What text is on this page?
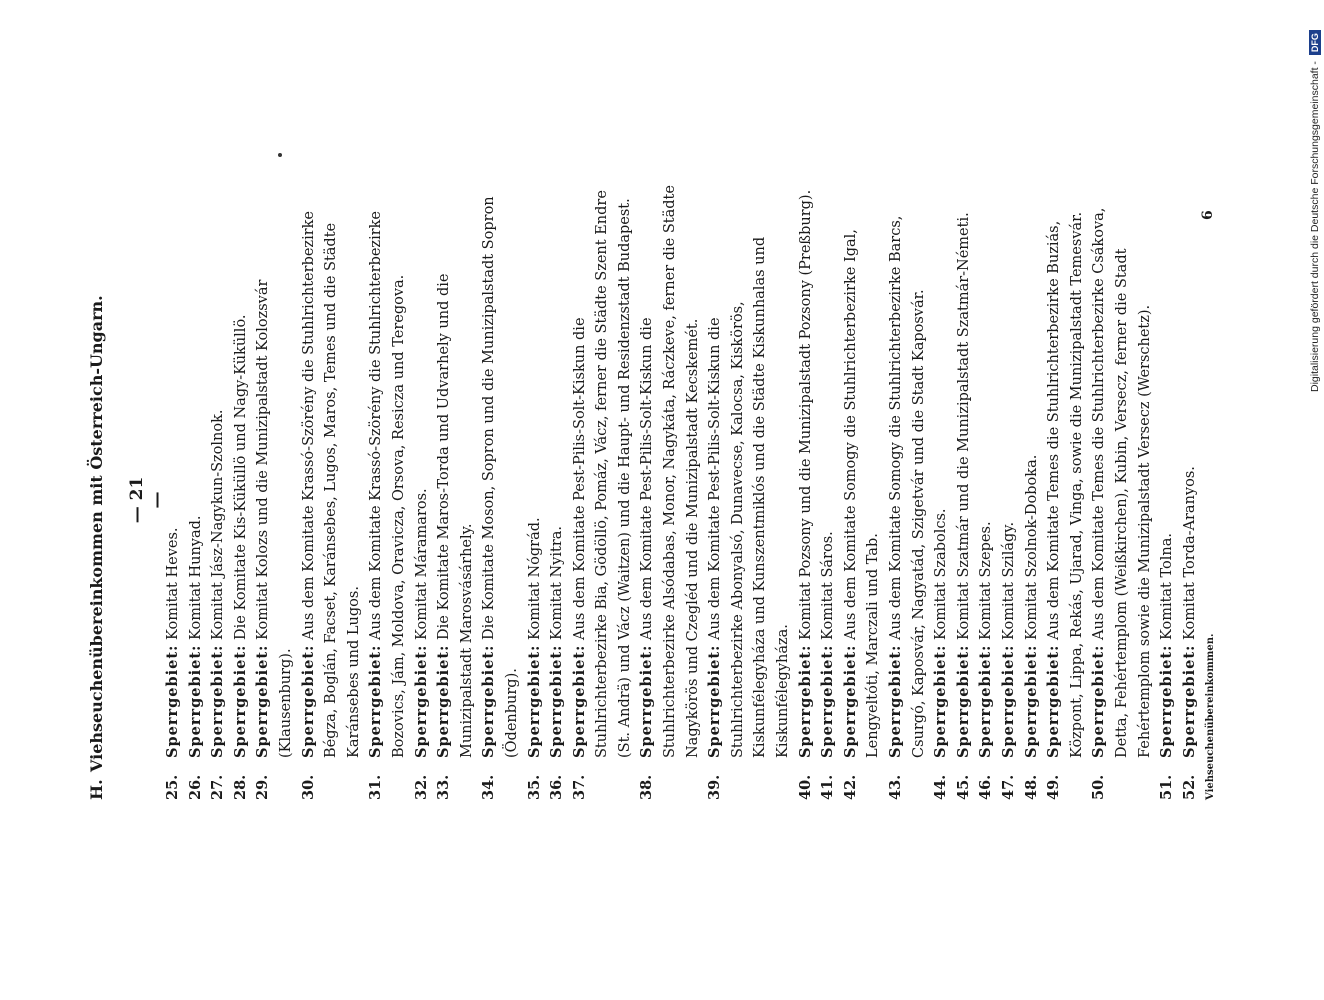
H.
Viehseuchenübereinkommen mit Österreich-Ungarn. — 21 —
25.
Sperrgebiet: Komitat Heves.
26.
Sperrgebiet: Komitat Hunyad.
27.
Sperrgebiet: Komitat Jász-Nagykun-Szolnok.
28.
Sperrgebiet: Die Komitate Kis-Küküllö und Nagy-Küküllö.
29.
Sperrgebiet: Komitat Kolozs und die Munizipalstadt Kolozsvár (Klausenburg).
30.
Sperrgebiet: Aus dem Komitate Krassó-Szörény die Stuhlrichterbezirke Bégza, Boglán, Facset, Karánsebes, Lugos, Maros, Temes und die Städte Karánsebes und Lugos.
31.
Sperrgebiet: Aus dem Komitate Krassó-Szörény die Stuhlrichterbezirke Bozovics, Jám, Moldova, Oravicza, Orsova, Resicza und Teregova.
32.
Sperrgebiet: Komitat Máramaros.
33.
Sperrgebiet: Die Komitate Maros-Torda und Udvarhely und die Munizipalstadt Marosvásárhely.
34.
Sperrgebiet: Die Komitate Moson, Sopron und die Munizipalstadt Sopron (Ödenburg).
35.
Sperrgebiet: Komitat Nógrád.
36.
Sperrgebiet: Komitat Nyitra.
37.
Sperrgebiet: Aus dem Komitate Pest-Pilis-Solt-Kiskun die Stuhlrichterbezirke Bia, Gödöllö, Pomáz, Vácz, ferner die Städte Szent Endre (St. Andrä) und Vácz (Waitzen) und die Haupt- und Residenzstadt Budapest.
38.
Sperrgebiet: Aus dem Komitate Pest-Pilis-Solt-Kiskun die Stuhlrichterbezirke Alsódabas, Monor, Nagykáta, Ráczkeve, ferner die Städte Nagykörös und Czegléd und die Munizipalstadt Kecskemét.
39.
Sperrgebiet: Aus dem Komitate Pest-Pilis-Solt-Kiskun die Stuhlrichterbezirke Abonyalsó, Dunavecse, Kalocsa, Kiskörös, Kiskunfélegyháza und Kunszentmiklós und die Städte Kiskunhalas und Kiskunfélegyháza.
40.
Sperrgebiet: Komitat Pozsony und die Munizipalstadt Pozsony (Preßburg).
41.
Sperrgebiet: Komitat Sáros.
42.
Sperrgebiet: Aus dem Komitate Somogy die Stuhlrichterbezirke Igal, Lengyeltóti, Marczali und Tab.
43.
Sperrgebiet: Aus dem Komitate Somogy die Stuhlrichterbezirke Barcs, Csurgó, Kaposvár, Nagyatád, Szigetvár und die Stadt Kaposvár.
44.
Sperrgebiet: Komitat Szabolcs.
45.
Sperrgebiet: Komitat Szatmár und die Munizipalstadt Szatmár-Németi.
46.
Sperrgebiet: Komitat Szepes.
47.
Sperrgebiet: Komitat Szilágy.
48.
Sperrgebiet: Komitat Szolnok-Doboka.
49.
Sperrgebiet: Aus dem Komitate Temes die Stuhlrichterbezirke Buziás, Központ, Lippa, Rekás, Ujarad, Vinga, sowie die Munizipalstadt Temesvár.
50.
Sperrgebiet: Aus dem Komitate Temes die Stuhlrichterbezirke Csákova, Detta, Fehértemplom (Weißkirchen), Kubin, Versecz, ferner die Stadt Fehértemplom sowie die Munizipalstadt Versecz (Werschetz).
51.
Sperrgebiet: Komitat Tolna.
52.
Sperrgebiet: Komitat Torda-Aranyos.
Viehseuchenübereinkommen.
6	Digitalisierung gefördert durch die Deutsche Forschungsgemeinschaft - DFG
